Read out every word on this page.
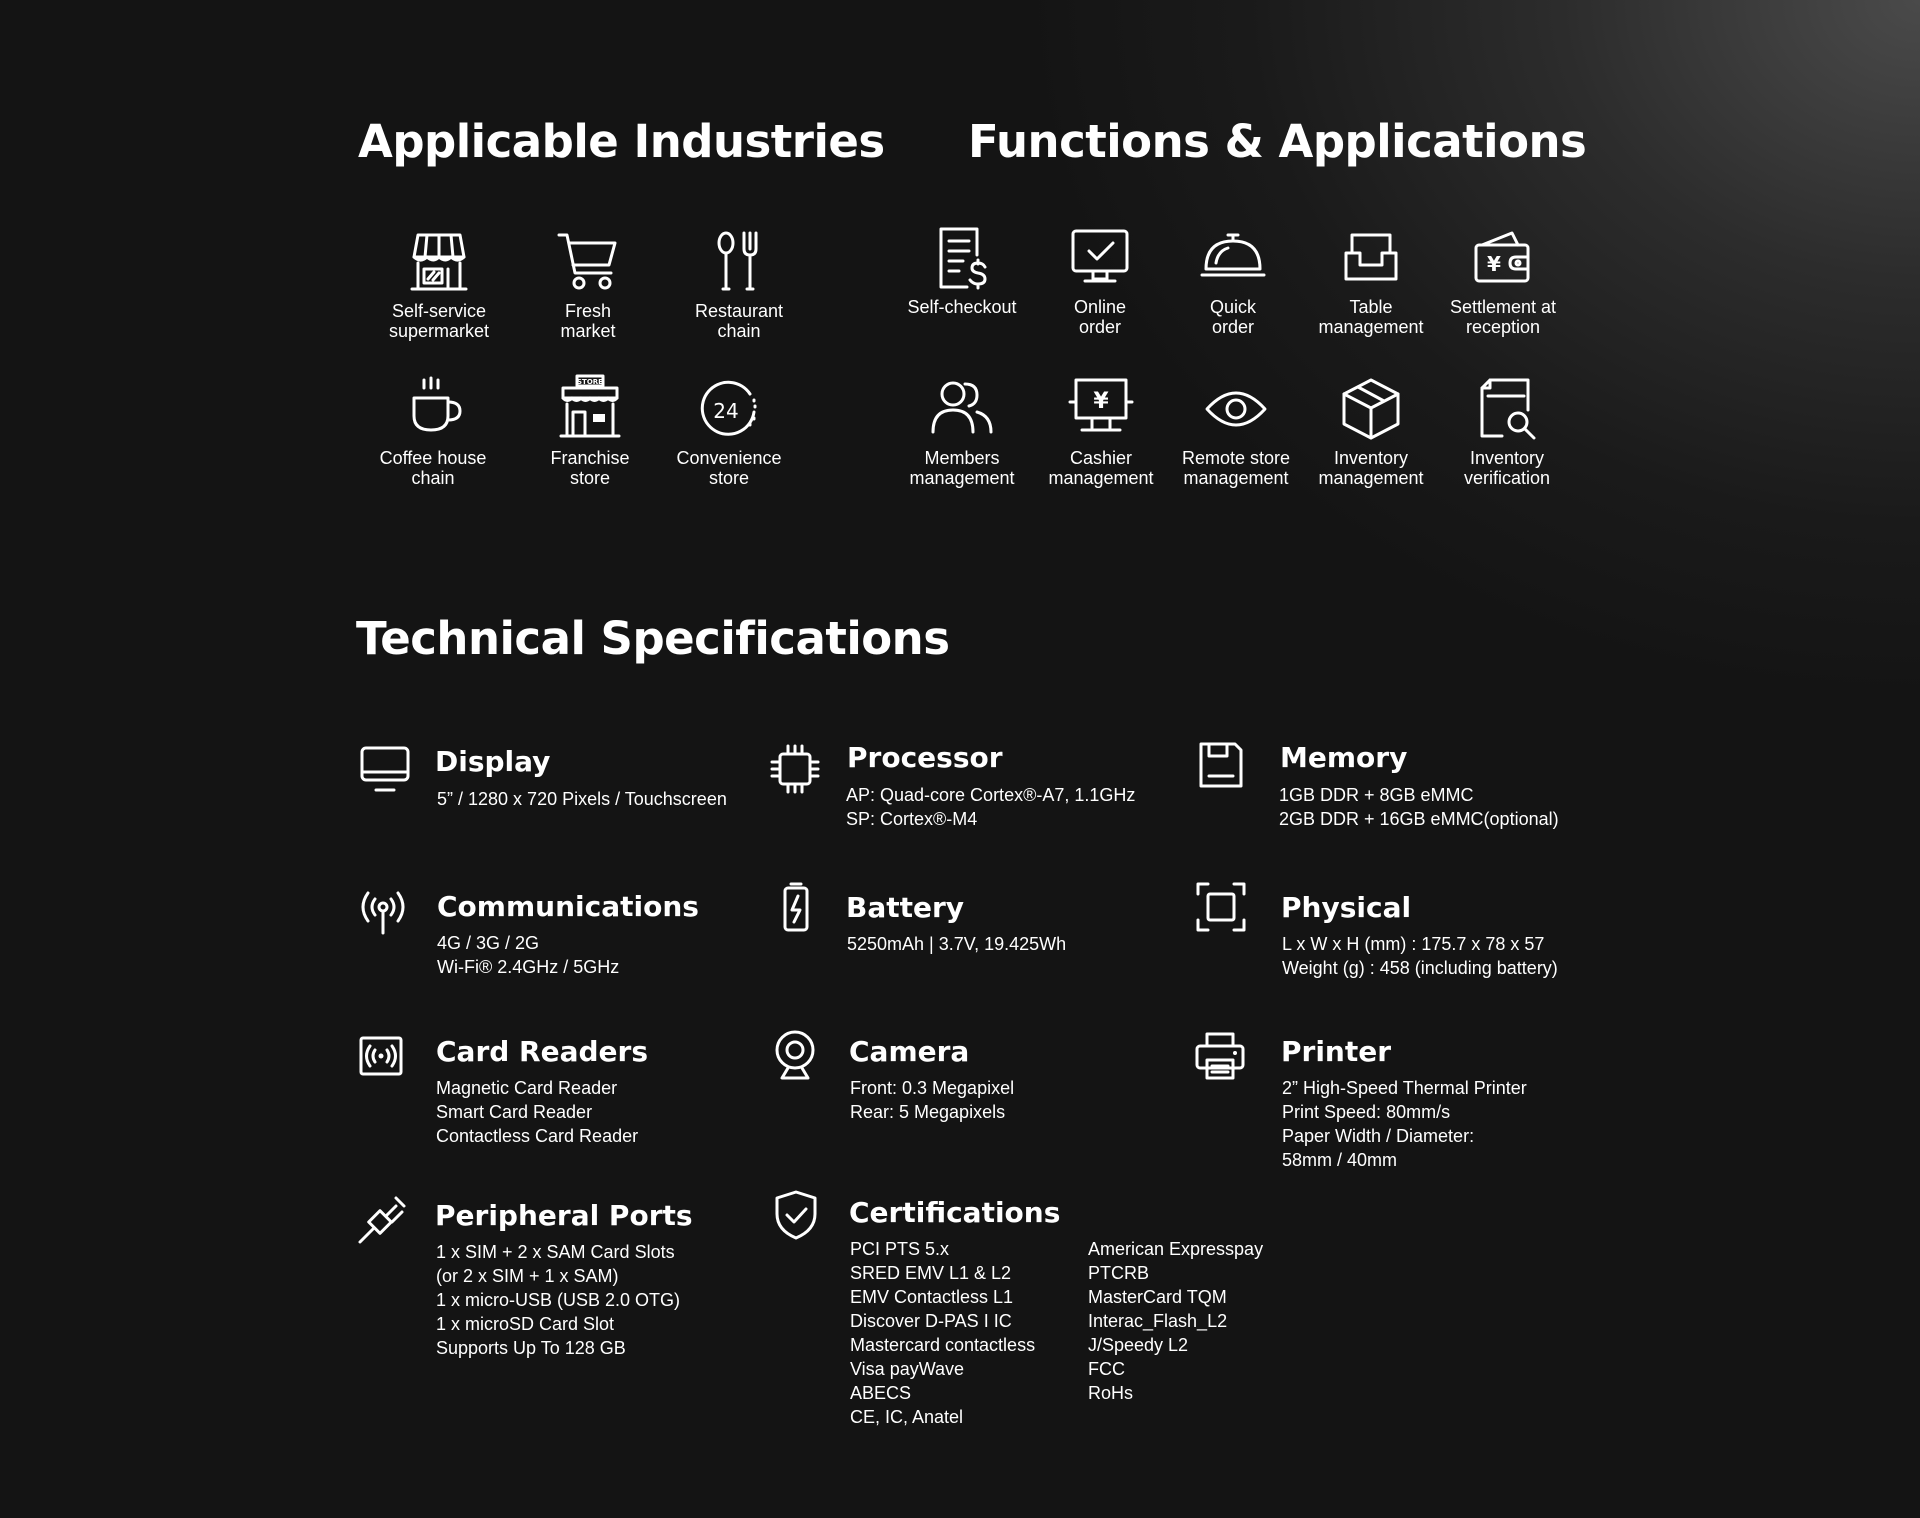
Applicable Industries Functions & Applications
Technical Specifications
Self-service
supermarket
Fresh
market
Restaurant
chain
Coffee house
chain
STORE
Franchise
store
24
Convenience
store
Self-checkout	Online
order
Quick
order
Table
management
¥
Settlement at
reception
Members
management
¥
Cashier
management
Remote store
management
Inventory
management
Inventory
verification
Display
5” / 1280 x 720 Pixels / Touchscreen
Processor
AP: Quad-core Cortex®-A7, 1.1GHz
SP: Cortex®-M4
Memory
1GB DDR + 8GB eMMC
2GB DDR + 16GB eMMC(optional)
Communications
4G / 3G / 2G
Wi-Fi® 2.4GHz / 5GHz
Battery
5250mAh | 3.7V, 19.425Wh
Physical
L x W x H (mm) : 175.7 x 78 x 57
Weight (g) : 458 (including battery)
Card Readers
Magnetic Card Reader
Smart Card Reader
Contactless Card Reader
Camera
Front: 0.3 Megapixel
Rear: 5 Megapixels
Printer
2” High-Speed Thermal Printer
Print Speed: 80mm/s
Paper Width / Diameter:
58mm / 40mm
Peripheral Ports
1 x SIM + 2 x SAM Card Slots
(or 2 x SIM + 1 x SAM)
1 x micro-USB (USB 2.0 OTG)
1 x microSD Card Slot
Supports Up To 128 GB
Certifications
PCI PTS 5.x
SRED EMV L1 & L2
EMV Contactless L1
Discover D-PAS I IC
Mastercard contactless
Visa payWave
ABECS
CE, IC, Anatel
American Expresspay
PTCRB
MasterCard TQM
Interac_Flash_L2
J/Speedy L2
FCC
RoHs
